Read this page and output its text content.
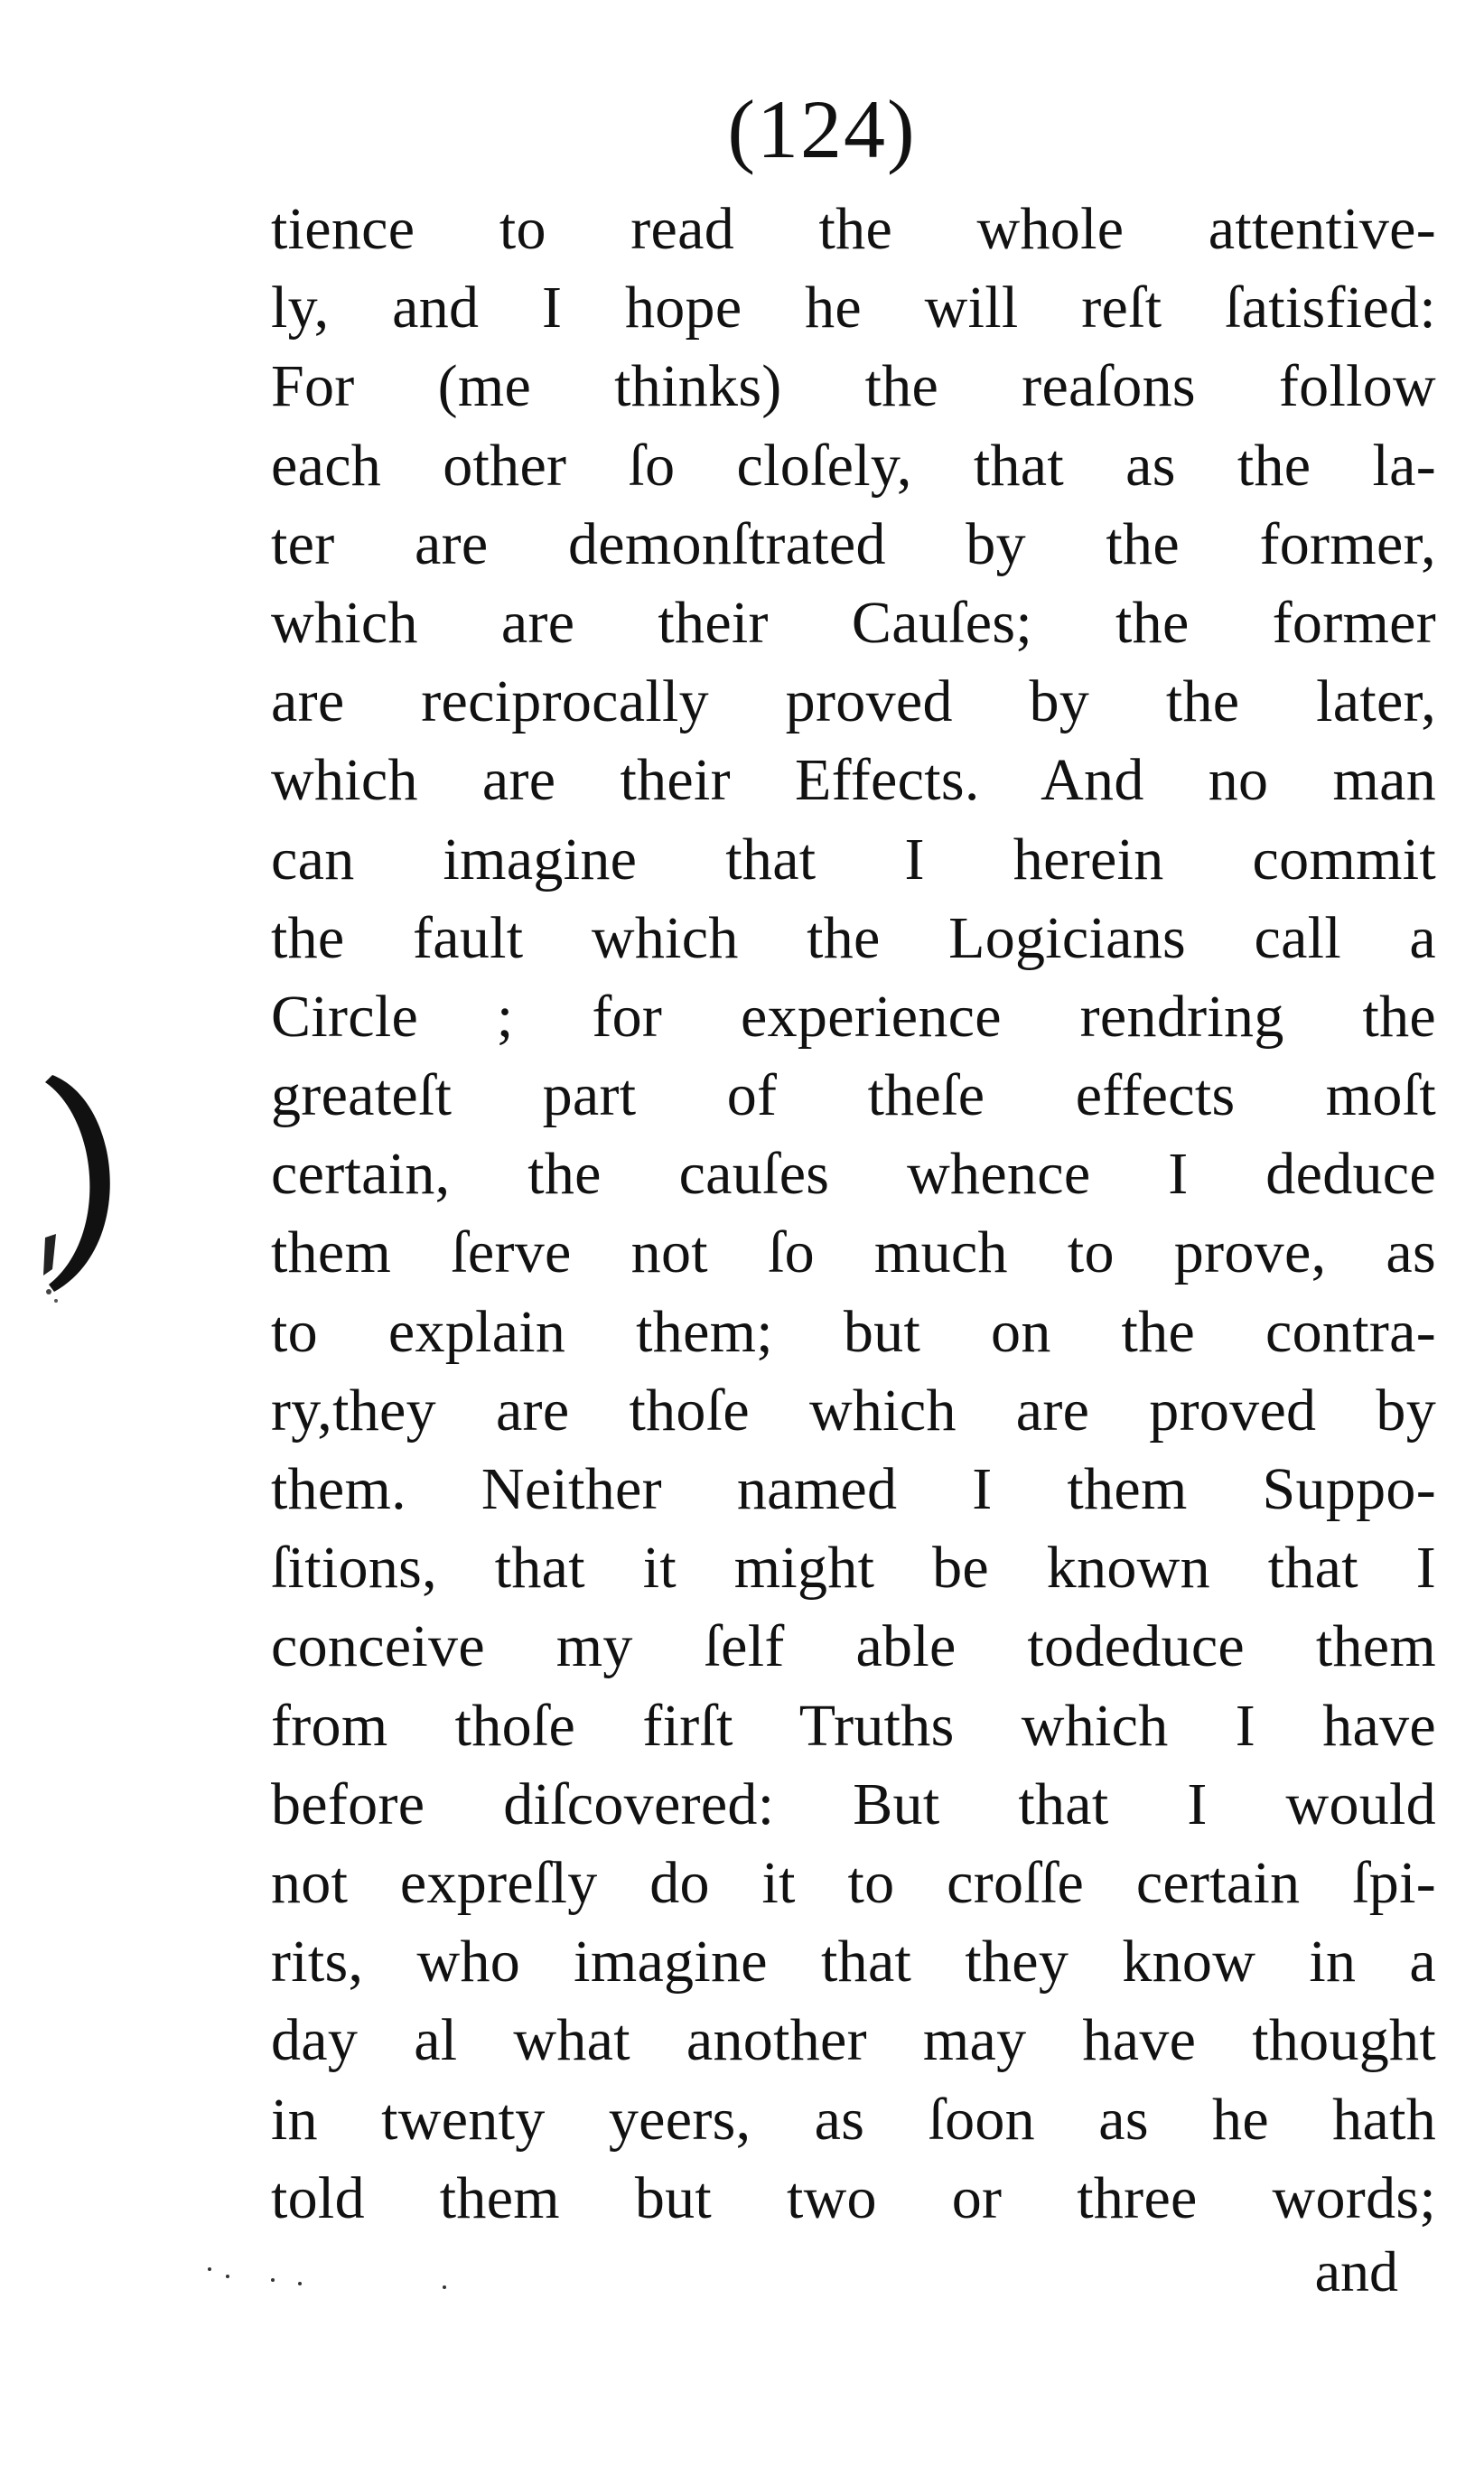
(124)
tience to read the whole attentive-
ly, and I hope he will reſt ſatisfied:
For (me thinks) the reaſons follow
each other ſo cloſely, that as the la-
ter are demonſtrated by the former,
which are their Cauſes; the former
are reciprocally proved by the later,
which are their Effects. And no man
can imagine that I herein commit
the fault which the Logicians call a
Circle ; for experience rendring the
greateſt part of theſe effects moſt
certain, the cauſes whence I deduce
them ſerve not ſo much to prove, as
to explain them; but on the contra-
ry,they are thoſe which are proved by
them. Neither named I them Suppo-
ſitions, that it might be known that I
conceive my ſelf able todeduce them
from thoſe firſt Truths which I have
before diſcovered: But that I would
not expreſly do it to croſſe certain ſpi-
rits, who imagine that they know in a
day al what another may have thought
in twenty yeers, as ſoon as he hath
told them but two or three words;
and
